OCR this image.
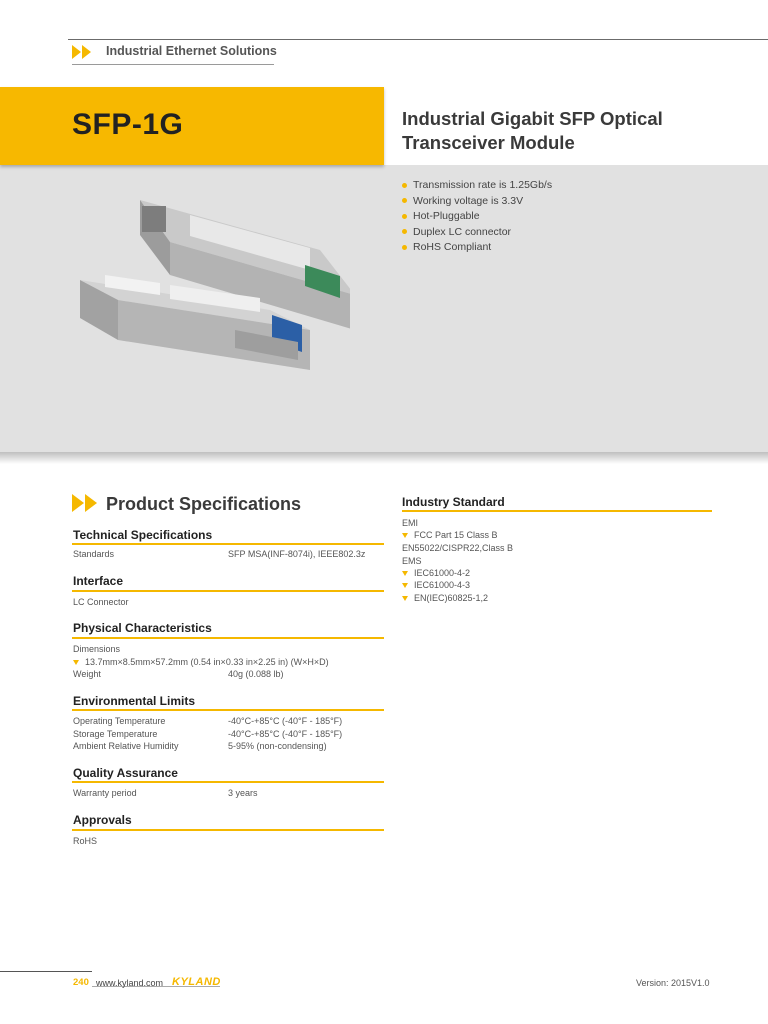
Industrial Ethernet Solutions
SFP-1G	Industrial Gigabit SFP Optical Transceiver Module
Transmission rate is 1.25Gb/s
Working voltage is 3.3V
Hot-Pluggable
Duplex LC connector
RoHS Compliant
Product Specifications
Technical Specifications
Standards	SFP MSA(INF-8074i), IEEE802.3z
Interface
LC Connector
Physical Characteristics
Dimensions
13.7mm×8.5mm×57.2mm (0.54 in×0.33 in×2.25 in) (W×H×D)
Weight	40g (0.088 lb)
Environmental Limits
Operating Temperature	-40°C-+85°C (-40°F - 185°F)
Storage Temperature	-40°C-+85°C (-40°F - 185°F)
Ambient Relative Humidity	5-95% (non-condensing)
Quality Assurance
Warranty period	3 years
Approvals
RoHS
Industry Standard
EMI
FCC Part 15 Class B
EN55022/CISPR22,Class B
EMS
IEC61000-4-2
IEC61000-4-3
EN(IEC)60825-1,2
240 www.kyland.com KYLAND	Version: 2015V1.0
